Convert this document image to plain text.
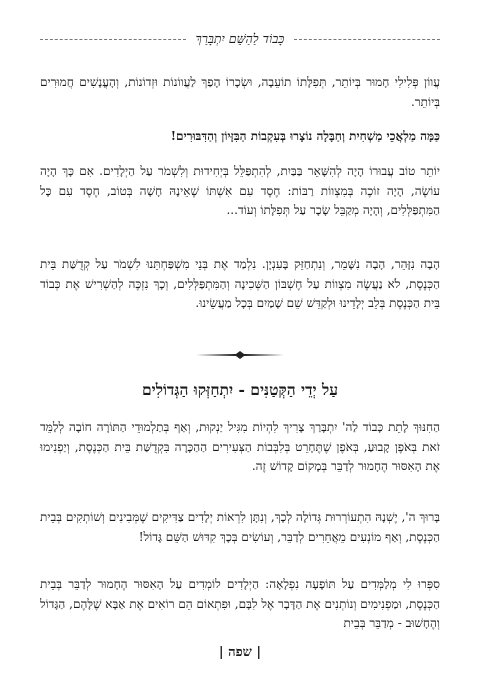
כָּבוֹד לַהַשֵּׁם יִתְבָּרַךְ

עֲווֹן פְּלִילִי חָמוּר בְּיוֹתֵר, תְּפִלָּתוֹ תוֹעֵבָה, וּשְׂכָרוֹ הָפַךְ לַעֲווֹנוֹת וּזְדוֹנוֹת, וְהָעֳנָשִׁים חֲמוּרִים בְּיוֹתֵר.

כַּמָּה מַלְאֲכֵי מַשְׁחִית וְחַבָּלָה נוֹצָרוּ בְּעִקְבוֹת הַבִּזָּיוֹן וְהַדִּבּוּרִים!

יוֹתֵר טוֹב עֲבוּרוֹ הָיָה לְהִשָּׁאֵר בַּבַּיִת, לְהִתְפַּלֵּל בְּיְחִידוּת וְלִשְׁמֹר עַל הַיְלָדִים. אִם כָּךְ הָיָה עוֹשֶׂה, הָיָה זוֹכֶה בְּמִצְווֹת רַבּוֹת: חֶסֶד עִם אִשְׁתּוֹ שֶׁאֵינָהּ חָשָׁה בְּטוֹב, חֶסֶד עִם כָּל הַמִּתְפַּלְּלִים, וְהָיָה מְקַבֵּל שָׂכָר עַל תְּפִלָּתוֹ וְעוֹד...

הָבָה נִזָּהֵר, הָבָה נִשָּׁמֵר, וְנִתְחַזֵּק בָּעִנְיָן. נִלְמַד אֶת בְּנֵי מִשְׁפַּחְתֵּנוּ לִשְׁמֹר עַל קְדֻשַּׁת בֵּית הַכְּנֶסֶת, לֹא נַעֲשֶׂה מִצְווֹת עַל חֶשְׁבּוֹן הַשְּׁכִינָה וְהַמִּתְפַּלְּלִים, וְכָךְ נִזְכֶּה לְהַשְׁרִישׁ אֶת כְּבוֹד בֵּית הַכְּנֶסֶת בְּלֵב יְלָדֵינוּ וּלְקַדֵּשׁ שֵׁם שָׁמַיִם בְּכָל מַעֲשֵׂינוּ.

עַל יְדֵי הַקְּטַנִּים - יִתְחַזְּקוּ הַגְּדוֹלִים

הַחִנּוּךְ לָתֵת כָּבוֹד לַה' יִתְבָּרַךְ צָרִיךְ לִהְיוֹת מִגִּיל יַנְקוּת, וְאַף בְּתַלְמוּדֵי הַתּוֹרָה חוֹבָה לְלַמֵּד זֹאת בְּאֹפֶן קָבוּעַ, בְּאֹפֶן שֶׁתֶּחָרֵט בְּלִבְּבוֹת הַצְּעִירִים הַהַכָּרָה בִּקְדֻשַּׁת בֵּית הַכְּנֶסֶת, וְיַפְנִימוּ אֶת הָאִסּוּר הֶחָמוּר לְדַבֵּר בְּמָקוֹם קָדוֹשׁ זֶה.

בָּרוּךְ ה', יֶשְׁנָהּ הִתְעוֹרְרוּת גְּדוֹלָה לְכָךְ, וְנִתָּן לִרְאוֹת יְלָדִים צַדִּיקִים שֶׁמְּבִינִים וְשׁוֹתְקִים בְּבֵית הַכְּנֶסֶת, וְאַף מוֹנְעִים מֵאֲחֵרִים לְדַבֵּר, וְעוֹשִׂים בְּכָךְ קִדּוּשׁ הַשֵּׁם גָּדוֹל!

סִפְּרוּ לִי מְלַמְּדִים עַל תּוֹפָעָה נִפְלָאָה: הַיְלָדִים לוֹמְדִים עַל הָאִסּוּר הֶחָמוּר לְדַבֵּר בְּבֵית הַכְּנֶסֶת, וּמַפְנִימִים וְנוֹתְנִים אֶת הַדָּבָר אֶל לִבָּם, וּפִתְאוֹם הֵם רוֹאִים אֶת אַבָּא שֶׁלָּהֶם, הַגָּדוֹל וְהֶחָשׁוּב - מְדַבֵּר בְּבֵית

| שפה |
